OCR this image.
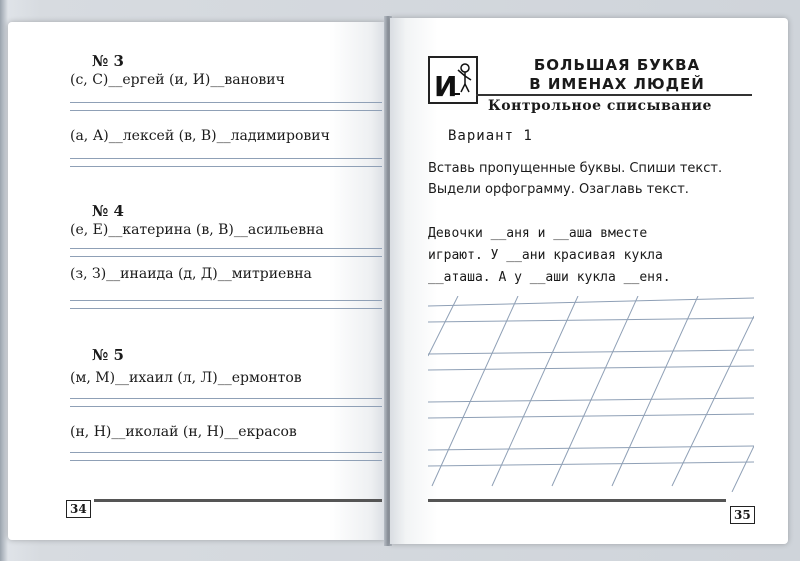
№ 3
(с, С)__ергей (и, И)__ванович
(а, А)__лексей (в, В)__ладимирович
№ 4
(е, Е)__катерина (в, В)__асильевна
(з, З)__инаида (д, Д)__митриевна
№ 5
(м, М)__ихаил (л, Л)__ермонтов
(н, Н)__иколай (н, Н)__екрасов
34
И
БОЛЬШАЯ БУКВА
В ИМЕНАХ ЛЮДЕЙ
Контрольное списывание
Вариант 1
Вставь пропущенные буквы. Спиши текст. Выдели орфограмму. Озаглавь текст.
Девочки __аня и __аша вместе
играют. У __ани красивая кукла
__аташа. А у __аши кукла __еня.
35
